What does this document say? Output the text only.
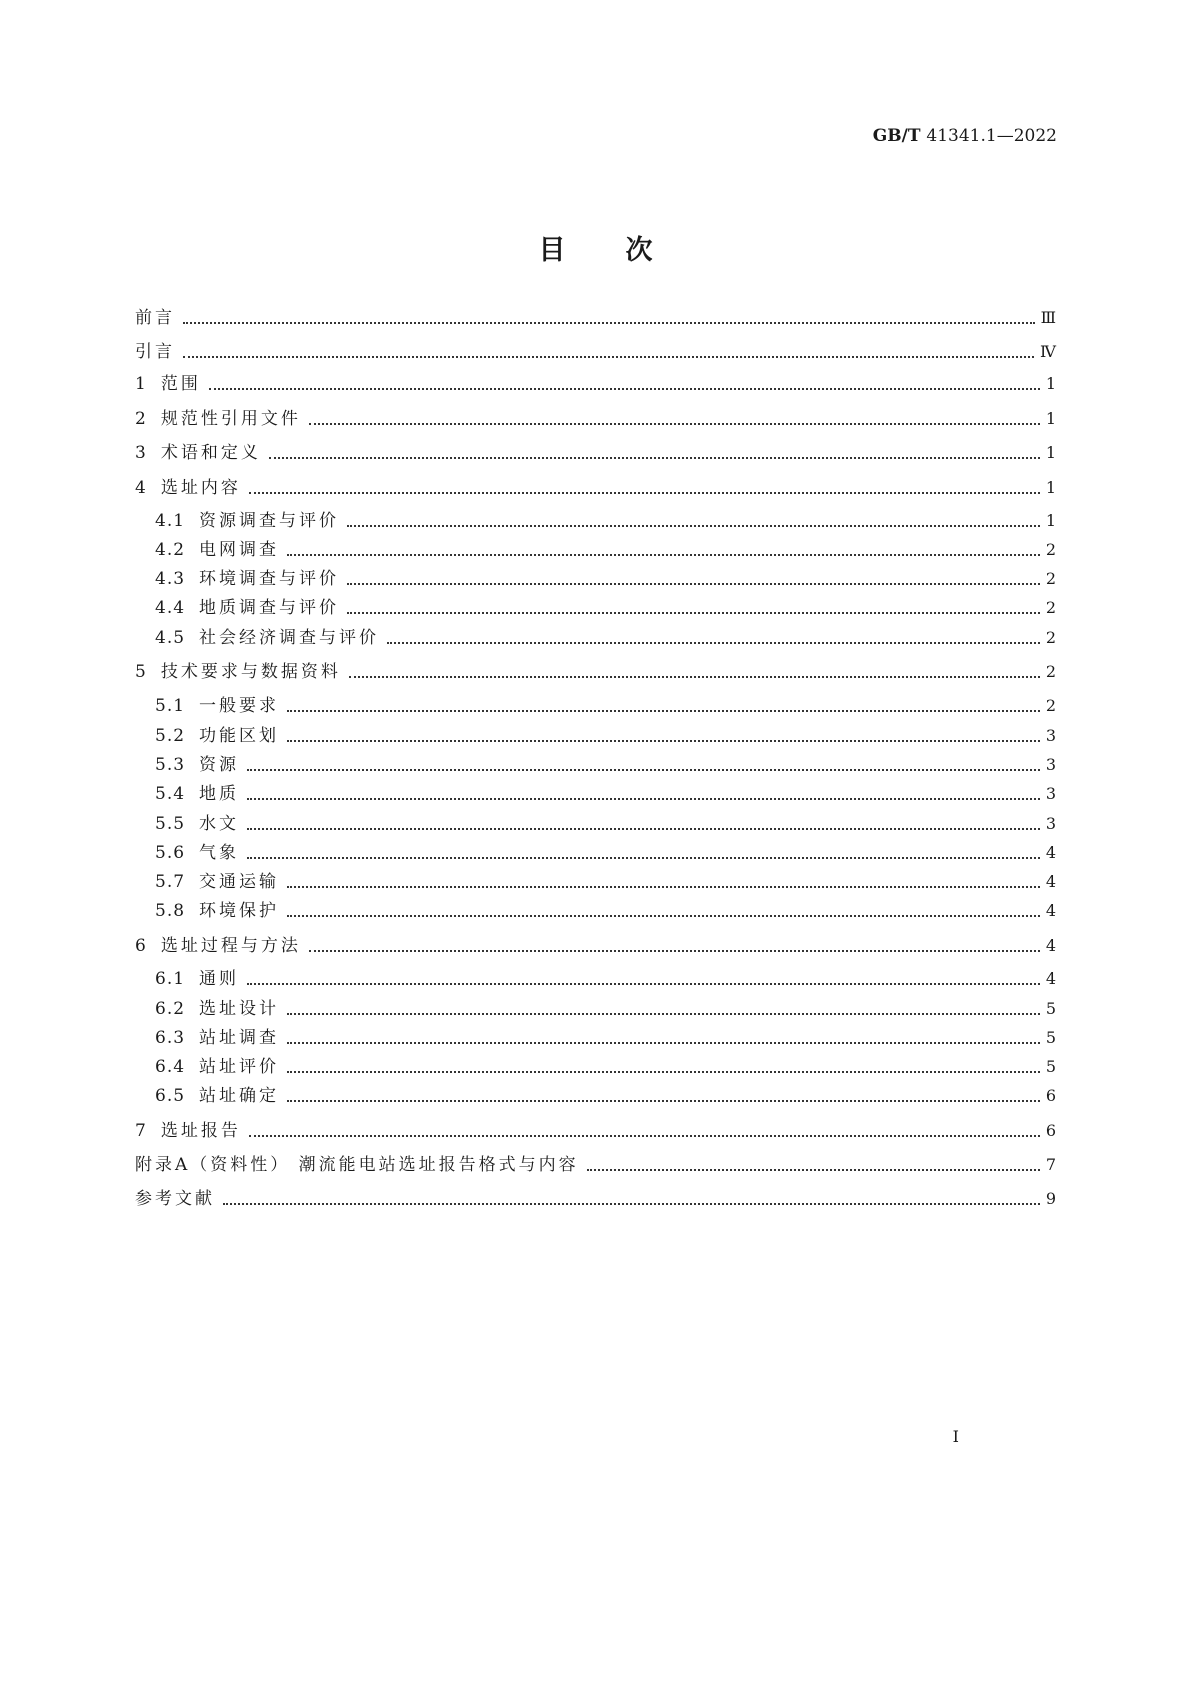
GB/T 41341.1—2022
目次
前言	Ⅲ
引言	Ⅳ
1 范围	1
2 规范性引用文件	1
3 术语和定义	1
4 选址内容	1
4.1 资源调查与评价	1
4.2 电网调查	2
4.3 环境调查与评价	2
4.4 地质调查与评价	2
4.5 社会经济调查与评价	2
5 技术要求与数据资料	2
5.1 一般要求	2
5.2 功能区划	3
5.3 资源	3
5.4 地质	3
5.5 水文	3
5.6 气象	4
5.7 交通运输	4
5.8 环境保护	4
6 选址过程与方法	4
6.1 通则	4
6.2 选址设计	5
6.3 站址调查	5
6.4 站址评价	5
6.5 站址确定	6
7 选址报告	6
附录A（资料性） 潮流能电站选址报告格式与内容	7
参考文献	9
I
